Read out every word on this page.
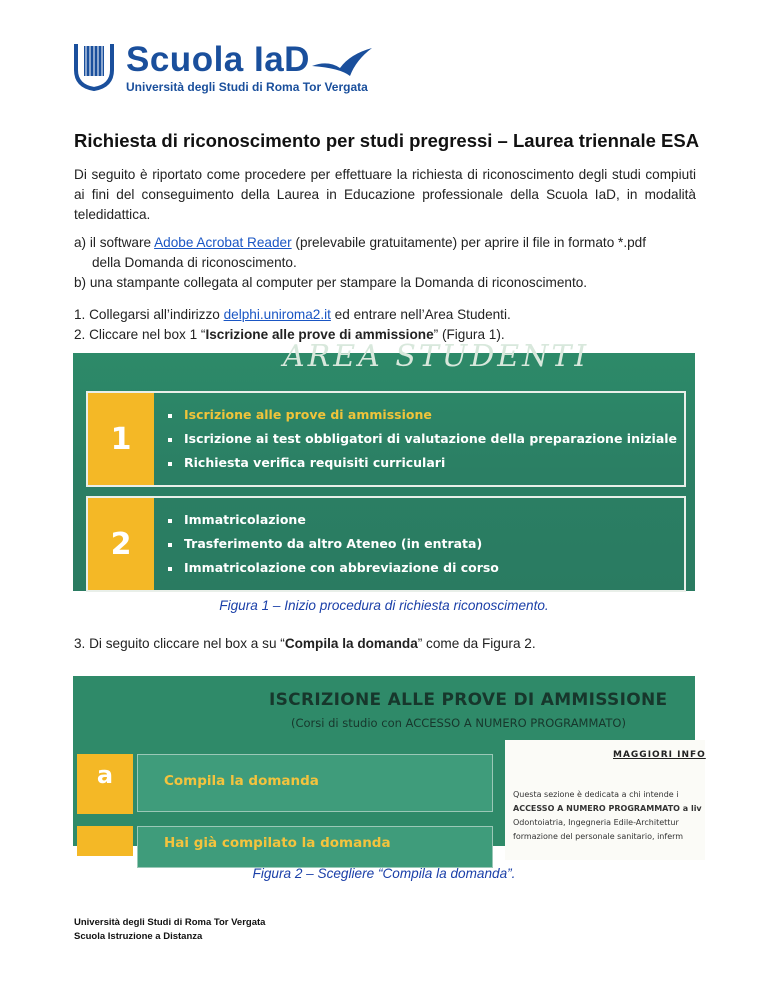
Scuola IaD
Università degli Studi di Roma Tor Vergata
Richiesta di riconoscimento per studi pregressi – Laurea triennale ESA
Di seguito è riportato come procedere per effettuare la richiesta di riconoscimento degli studi compiuti ai fini del conseguimento della Laurea in Educazione professionale della Scuola IaD, in modalità teledidattica.
a) il software Adobe Acrobat Reader (prelevabile gratuitamente) per aprire il file in formato *.pdf
della Domanda di riconoscimento.
b) una stampante collegata al computer per stampare la Domanda di riconoscimento.
1. Collegarsi all’indirizzo delphi.uniroma2.it ed entrare nell’Area Studenti.
2. Cliccare nel box 1 “Iscrizione alle prove di ammissione” (Figura 1).
AREA STUDENTI
1
Iscrizione alle prove di ammissione
Iscrizione ai test obbligatori di valutazione della preparazione iniziale
Richiesta verifica requisiti curriculari
2
Immatricolazione
Trasferimento da altro Ateneo (in entrata)
Immatricolazione con abbreviazione di corso
Figura 1 – Inizio procedura di richiesta riconoscimento.
3. Di seguito cliccare nel box a su “Compila la domanda” come da Figura 2.
ISCRIZIONE ALLE PROVE DI AMMISSIONE
(Corsi di studio con ACCESSO A NUMERO PROGRAMMATO)
a	Compila la domanda
Hai già compilato la domanda
MAGGIORI INFO
Questa sezione è dedicata a chi intende i
ACCESSO A NUMERO PROGRAMMATO a liv
Odontoiatria, Ingegneria Edile-Architettur
formazione del personale sanitario, inferm
Figura 2 – Scegliere “Compila la domanda”.
Università degli Studi di Roma Tor Vergata
Scuola Istruzione a Distanza
